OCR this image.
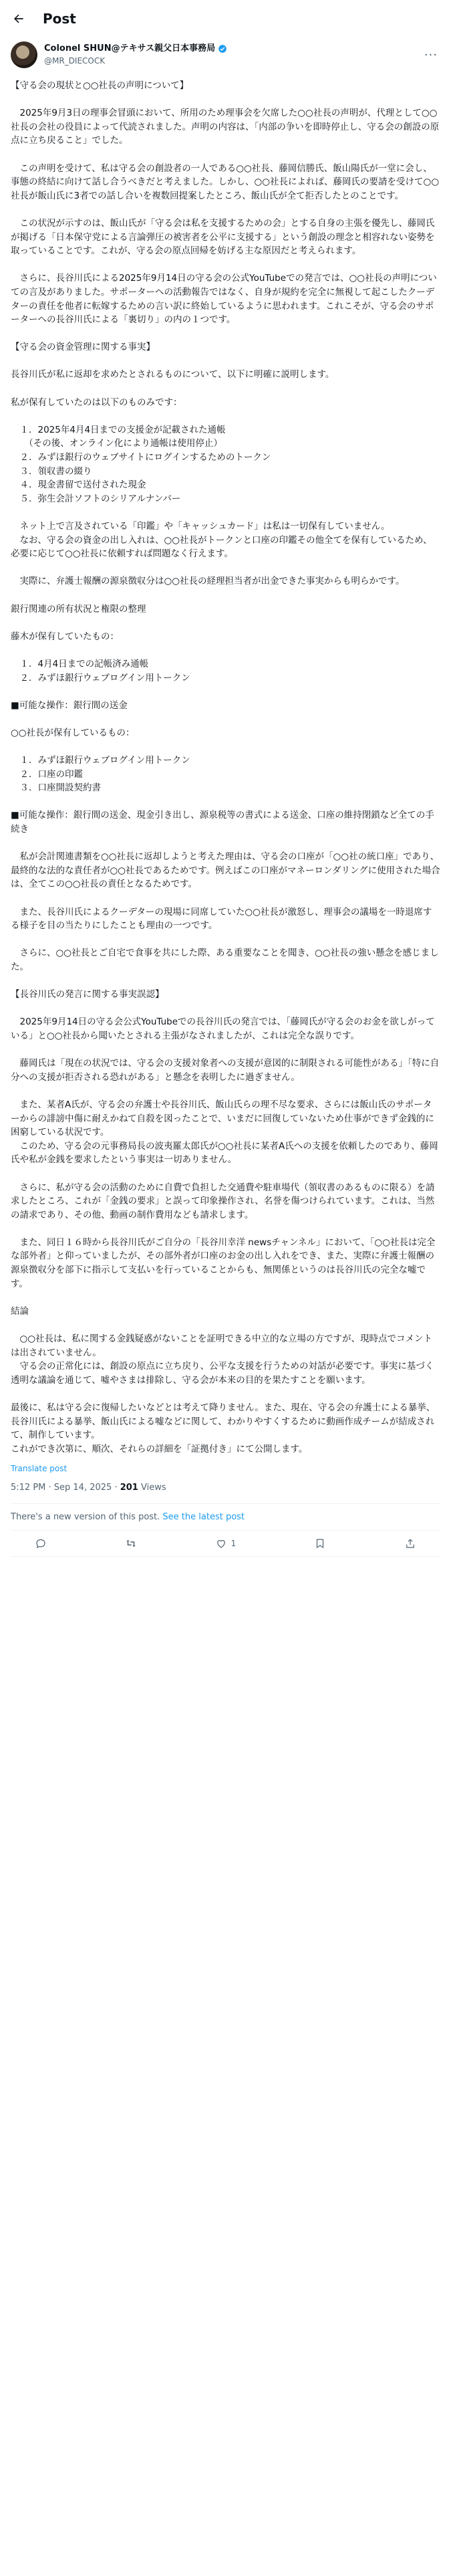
Post
Colonel SHUN@テキサス親父日本事務局
@MR_DIECOCK	···
【守る会の現状と○○社長の声明について】

　2025年9月3日の理事会冒頭において、所用のため理事会を欠席した○○社長の声明が、代理として○○社長の会社の役員によって代読されました。声明の内容は、「内部の争いを即時停止し、守る会の創設の原点に立ち戻ること」でした。

　この声明を受けて、私は守る会の創設者の一人である○○社長、藤岡信勝氏、飯山陽氏が一堂に会し、事態の終結に向けて話し合うべきだと考えました。しかし、○○社長によれば、藤岡氏の要請を受けて○○社長が飯山氏に3者での話し合いを複数回提案したところ、飯山氏が全て拒否したとのことです。

　この状況が示すのは、飯山氏が「守る会は私を支援するための会」とする自身の主張を優先し、藤岡氏が掲げる「日本保守党による言論弾圧の被害者を公平に支援する」という創設の理念と相容れない姿勢を取っていることです。これが、守る会の原点回帰を妨げる主な原因だと考えられます。

　さらに、長谷川氏による2025年9月14日の守る会の公式YouTubeでの発言では、○○社長の声明についての言及がありました。サポーターへの活動報告ではなく、自身が規約を完全に無視して起こしたクーデターの責任を他者に転嫁するための言い訳に終始しているように思われます。これこそが、守る会のサポーターへの長谷川氏による「裏切り」の内の１つです。

【守る会の資金管理に関する事実】

長谷川氏が私に返却を求めたとされるものについて、以下に明確に説明します。

私が保有していたのは以下のものみです：

　１．2025年4月4日までの支援金が記載された通帳
　　（その後、オンライン化により通帳は使用停止）
　２．みずほ銀行のウェブサイトにログインするためのトークン
　３．領収書の綴り
　４．現金書留で送付された現金
　５．弥生会計ソフトのシリアルナンバー

　ネット上で言及されている「印鑑」や「キャッシュカード」は私は一切保有していません。
　なお、守る会の資金の出し入れは、○○社長がトークンと口座の印鑑その他全てを保有しているため、必要に応じて○○社長に依頼すれば問題なく行えます。

　実際に、弁護士報酬の源泉徴収分は○○社長の経理担当者が出金できた事実からも明らかです。

銀行関連の所有状況と権限の整理

藤木が保有していたもの：

　１．4月4日までの記帳済み通帳
　２．みずほ銀行ウェブログイン用トークン

■可能な操作：銀行間の送金

○○社長が保有しているもの：

　１．みずほ銀行ウェブログイン用トークン
　２．口座の印鑑
　３．口座開設契約書

■可能な操作：銀行間の送金、現金引き出し、源泉税等の書式による送金、口座の維持閉鎖など全ての手続き

　私が会計関連書類を○○社長に返却しようと考えた理由は、守る会の口座が「○○社の統口座」であり、最終的な法的な責任者が○○社長であるためです。例えばこの口座がマネーロンダリングに使用された場合は、全てこの○○社長の責任となるためです。

　また、長谷川氏によるクーデターの現場に同席していた○○社長が激怒し、理事会の議場を一時退席する様子を目の当たりにしたことも理由の一つです。

　さらに、○○社長とご自宅で食事を共にした際、ある重要なことを聞き、○○社長の強い懸念を感じました。

【長谷川氏の発言に関する事実誤認】

　2025年9月14日の守る会公式YouTubeでの長谷川氏の発言では、「藤岡氏が守る会のお金を欲しがっている」と○○社長から聞いたとされる主張がなされましたが、これは完全な誤りです。

　藤岡氏は「現在の状況では、守る会の支援対象者への支援が意図的に制限される可能性がある」「特に自分への支援が拒否される恐れがある」と懸念を表明したに過ぎません。

　また、某者A氏が、守る会の弁護士や長谷川氏、飯山氏らの理不尽な要求、さらには飯山氏のサポーターからの誹謗中傷に耐えかねて自殺を図ったことで、いまだに回復していないため仕事ができず金銭的に困窮している状況です。
　このため、守る会の元事務局長の波夷羅太郎氏が○○社長に某者A氏への支援を依頼したのであり、藤岡氏や私が金銭を要求したという事実は一切ありません。

　さらに、私が守る会の活動のために自費で負担した交通費や駐車場代（領収書のあるものに限る）を請求したところ、これが「金銭の要求」と誤って印象操作され、名誉を傷つけられています。これは、当然の請求であり、その他、動画の制作費用なども請求します。

　また、同日１６時から長谷川氏がご自分の「長谷川幸洋 newsチャンネル」において、「○○社長は完全な部外者」と仰っていましたが、その部外者が口座のお金の出し入れをでき、また、実際に弁護士報酬の源泉徴収分を部下に指示して支払いを行っていることからも、無関係というのは長谷川氏の完全な嘘です。

結論

　○○社長は、私に関する金銭疑惑がないことを証明できる中立的な立場の方ですが、現時点でコメントは出されていません。
　守る会の正常化には、創設の原点に立ち戻り、公平な支援を行うための対話が必要です。事実に基づく透明な議論を通じて、噓やさまは排除し、守る会が本来の目的を果たすことを願います。

最後に、私は守る会に復帰したいなどとは考えて降りません。また、現在、守る会の弁護士による暴挙、長谷川氏による暴挙、飯山氏による嘘などに関して、わかりやすくするために動画作成チームが結成されて、制作しています。
これができ次第に、順次、それらの詳細を「証拠付き」にて公開します。
Translate post
5:12 PM · Sep 14, 2025 · 201 Views
There's a new version of this post. See the latest post
1
